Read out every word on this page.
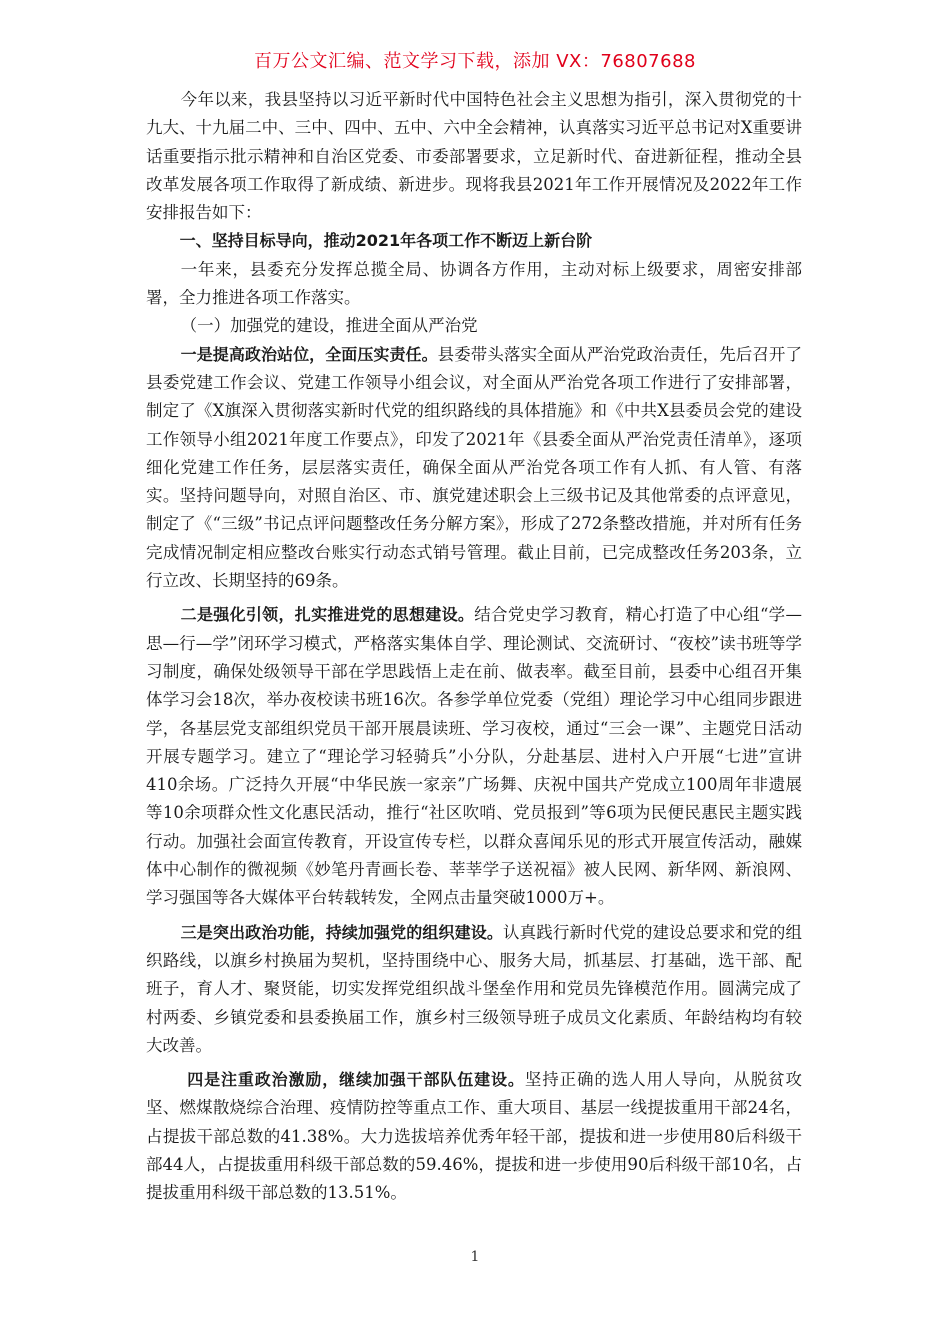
百万公文汇编、范文学习下载，添加 VX：76807688

今年以来，我县坚持以习近平新时代中国特色社会主义思想为指引，深入贯彻党的十九大、十九届二中、三中、四中、五中、六中全会精神，认真落实习近平总书记对X重要讲话重要指示批示精神和自治区党委、市委部署要求，立足新时代、奋进新征程，推动全县改革发展各项工作取得了新成绩、新进步。现将我县2021年工作开展情况及2022年工作安排报告如下：

一、坚持目标导向，推动2021年各项工作不断迈上新台阶

一年来，县委充分发挥总揽全局、协调各方作用，主动对标上级要求，周密安排部署，全力推进各项工作落实。

（一）加强党的建设，推进全面从严治党

一是提高政治站位，全面压实责任。县委带头落实全面从严治党政治责任，先后召开了县委党建工作会议、党建工作领导小组会议，对全面从严治党各项工作进行了安排部署，制定了《X旗深入贯彻落实新时代党的组织路线的具体措施》和《中共X县委员会党的建设工作领导小组2021年度工作要点》，印发了2021年《县委全面从严治党责任清单》，逐项细化党建工作任务，层层落实责任，确保全面从严治党各项工作有人抓、有人管、有落实。坚持问题导向，对照自治区、市、旗党建述职会上三级书记及其他常委的点评意见，制定了《“三级”书记点评问题整改任务分解方案》，形成了272条整改措施，并对所有任务完成情况制定相应整改台账实行动态式销号管理。截止目前，已完成整改任务203条，立行立改、长期坚持的69条。

二是强化引领，扎实推进党的思想建设。结合党史学习教育，精心打造了中心组“学—思—行—学”闭环学习模式，严格落实集体自学、理论测试、交流研讨、“夜校”读书班等学习制度，确保处级领导干部在学思践悟上走在前、做表率。截至目前，县委中心组召开集体学习会18次，举办夜校读书班16次。各参学单位党委（党组）理论学习中心组同步跟进学，各基层党支部组织党员干部开展晨读班、学习夜校，通过“三会一课”、主题党日活动开展专题学习。建立了“理论学习轻骑兵”小分队，分赴基层、进村入户开展“七进”宣讲410余场。广泛持久开展“中华民族一家亲”广场舞、庆祝中国共产党成立100周年非遗展等10余项群众性文化惠民活动，推行“社区吹哨、党员报到”等6项为民便民惠民主题实践行动。加强社会面宣传教育，开设宣传专栏，以群众喜闻乐见的形式开展宣传活动，融媒体中心制作的微视频《妙笔丹青画长卷、莘莘学子送祝福》被人民网、新华网、新浪网、学习强国等各大媒体平台转载转发，全网点击量突破1000万+。

三是突出政治功能，持续加强党的组织建设。认真践行新时代党的建设总要求和党的组织路线，以旗乡村换届为契机，坚持围绕中心、服务大局，抓基层、打基础，选干部、配班子，育人才、聚贤能，切实发挥党组织战斗堡垒作用和党员先锋模范作用。圆满完成了村两委、乡镇党委和县委换届工作，旗乡村三级领导班子成员文化素质、年龄结构均有较大改善。

四是注重政治激励，继续加强干部队伍建设。坚持正确的选人用人导向，从脱贫攻坚、燃煤散烧综合治理、疫情防控等重点工作、重大项目、基层一线提拔重用干部24名，占提拔干部总数的41.38%。大力选拔培养优秀年轻干部，提拔和进一步使用80后科级干部44人，占提拔重用科级干部总数的59.46%，提拔和进一步使用90后科级干部10名，占提拔重用科级干部总数的13.51%。

1
